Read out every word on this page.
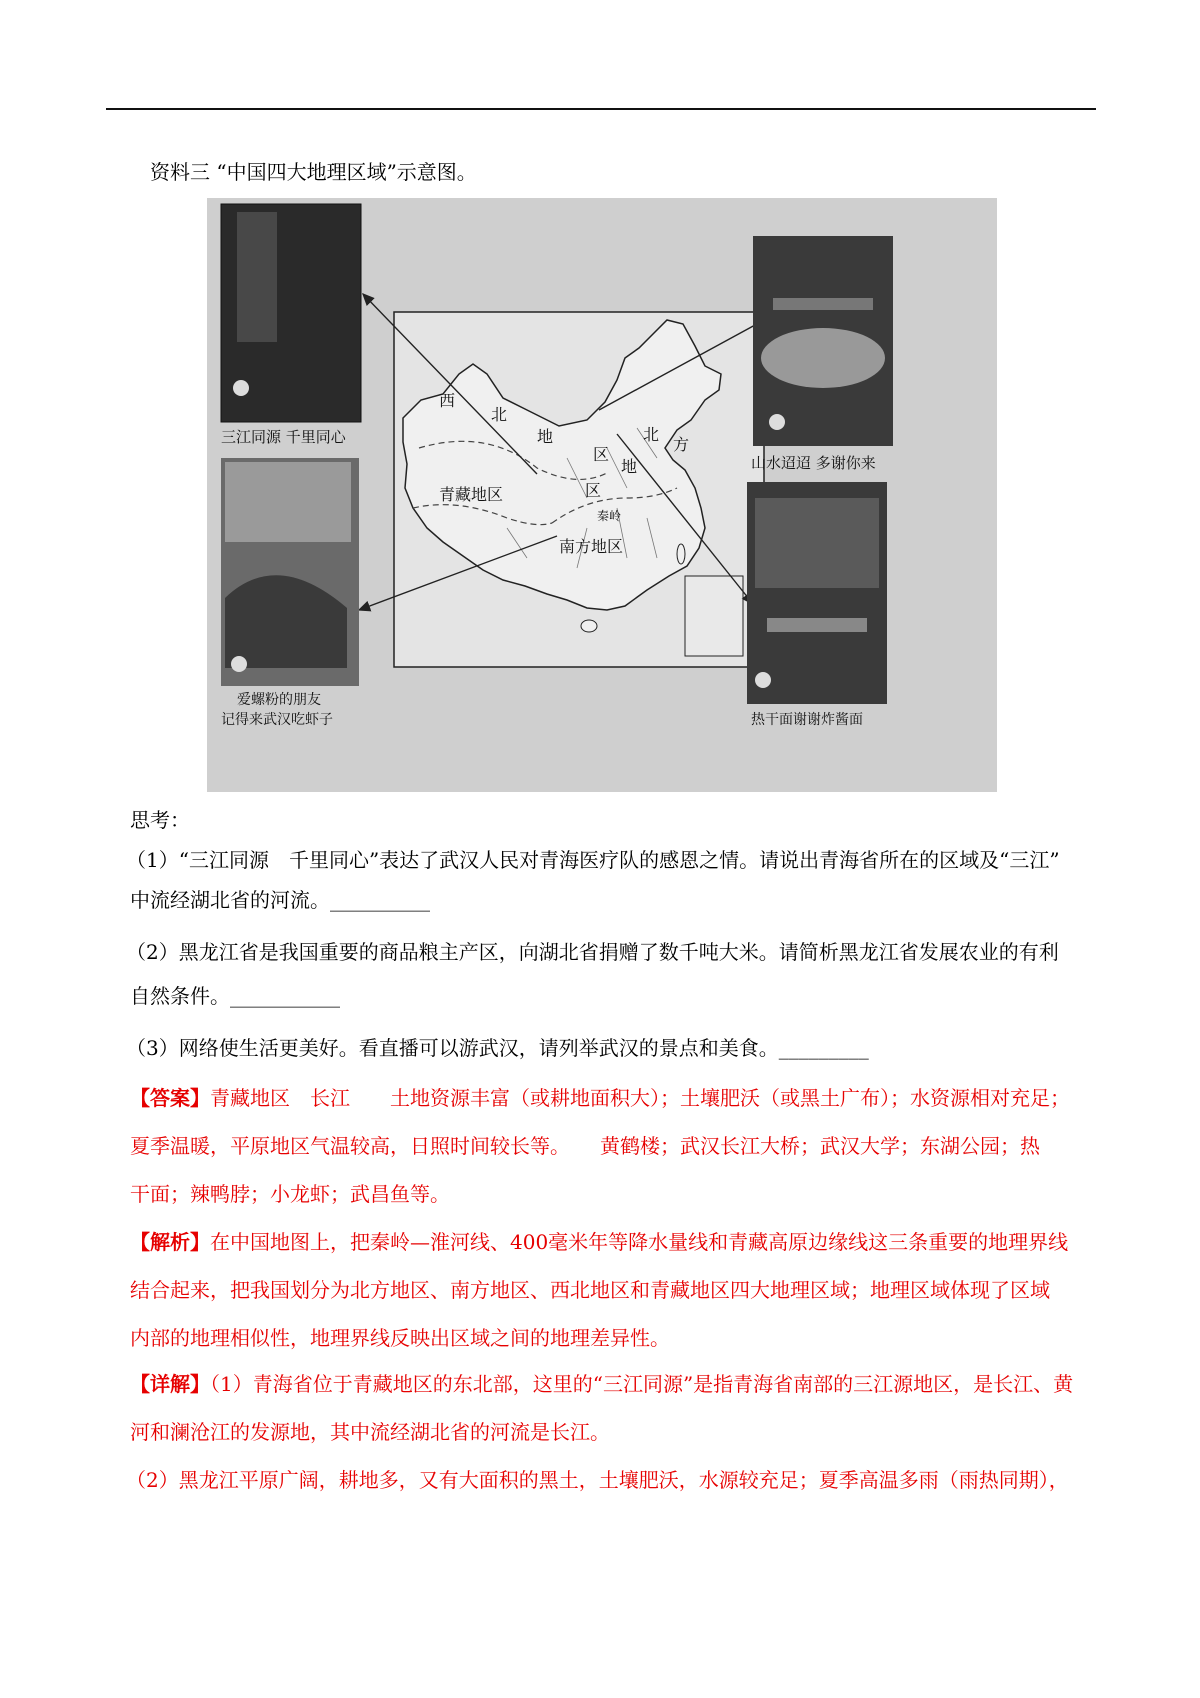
资料三 “中国四大地理区域”示意图。
西
北
地
区
北
方
地
区
青藏地区
南方地区
秦岭
三江同源 千里同心
山水迢迢 多谢你来
爱螺粉的朋友
记得来武汉吃虾子	热干面谢谢炸酱面
思考：
（1）“三江同源　千里同心”表达了武汉人民对青海医疗队的感恩之情。请说出青海省所在的区域及“三江”
中流经湖北省的河流。__________
（2）黑龙江省是我国重要的商品粮主产区，向湖北省捐赠了数千吨大米。请简析黑龙江省发展农业的有利
自然条件。___________
（3）网络使生活更美好。看直播可以游武汉，请列举武汉的景点和美食。_________
【答案】青藏地区　长江　　土地资源丰富（或耕地面积大）；土壤肥沃（或黑土广布）；水资源相对充足；
夏季温暖，平原地区气温较高，日照时间较长等。　　黄鹤楼；武汉长江大桥；武汉大学；东湖公园；热
干面；辣鸭脖；小龙虾；武昌鱼等。
【解析】在中国地图上，把秦岭—淮河线、400毫米年等降水量线和青藏高原边缘线这三条重要的地理界线
结合起来，把我国划分为北方地区、南方地区、西北地区和青藏地区四大地理区域；地理区域体现了区域
内部的地理相似性，地理界线反映出区域之间的地理差异性。
【详解】（1）青海省位于青藏地区的东北部，这里的“三江同源”是指青海省南部的三江源地区，是长江、黄
河和澜沧江的发源地，其中流经湖北省的河流是长江。
（2）黑龙江平原广阔，耕地多，又有大面积的黑土，土壤肥沃，水源较充足；夏季高温多雨（雨热同期），
